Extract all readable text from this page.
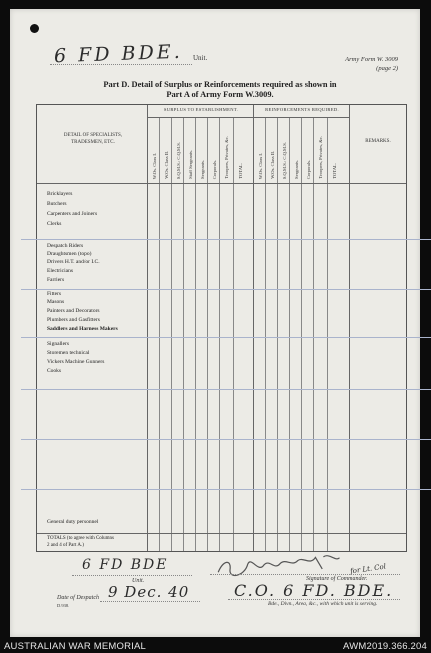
6 FD BDE. Unit.	Army Form W. 3009
(page 2)
Part D. Detail of Surplus or Reinforcements required as shown in
Part A of Army Form W.3009.
DETAIL OF SPECIALISTS,
TRADESMEN, ETC.
SURPLUS TO ESTABLISHMENT.	REINFORCEMENTS REQUIRED.
REMARKS.
W.Os. Class I. W.Os. Class II. S.Q.M.S.: C.Q.M.S. Staff Sergeants. Sergeants. Corporals. Troopers, Privates, &c. TOTAL.	W.Os. Class I. W.Os. Class II. S.Q.M.S.: C.Q.M.S. Sergeants. Corporals. Troopers, Privates, &c. TOTAL.
Bricklayers
Butchers
Carpenters and Joiners
Clerks
Despatch Riders
Draughtsmen (topo)
Drivers H.T. and/or I.C.
Electricians
Farriers
Fitters
Masons
Painters and Decorators
Plumbers and Gasfitters
Saddlers and Harness Makers
Signallers
Storemen technical
Vickers Machine Gunners
Cooks
General duty personnel
TOTALS (to agree with Columns
2 and 4 of Part A.)
6 FD BDE
Unit.
for Lt. Col
Signature of Commander.
Date of Despatch
D.938.
9 Dec. 40	C.O. 6 FD. BDE.
Bde., Divn., Area, &c., with which unit is serving.
AUSTRALIAN WAR MEMORIAL	AWM2019.366.204
